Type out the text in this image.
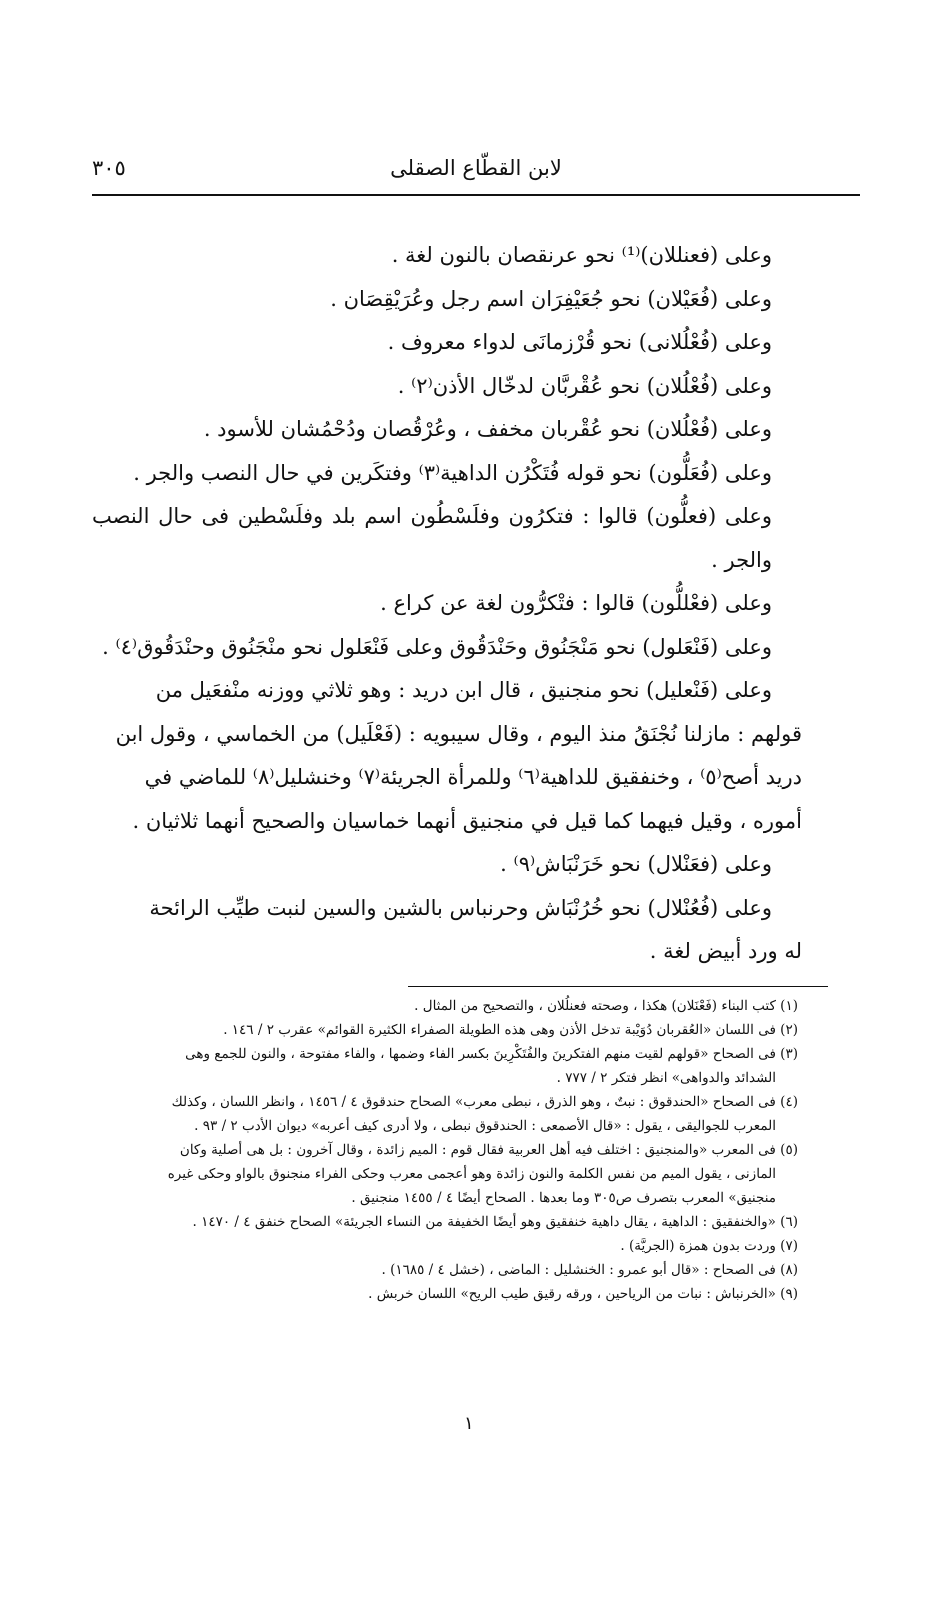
لابن القطّاع الصقلى
٣٠٥

وعلى (فعنللان)⁽¹⁾ نحو عرنقصان بالنون لغة .

وعلى (فُعَيْلان) نحو جُعَيْفِرَان اسم رجل وعُرَيْقِصَان .

وعلى (فُعْلُلانى) نحو قُرْزمانَى لدواء معروف .

وعلى (فُعْلُلان) نحو عُقْربَّان لدخّال الأذن⁽٢⁾ .

وعلى (فُعْلُلان) نحو عُقْربان مخفف ، وعُرْقُصان ودُحْمُشان للأسود .

وعلى (فُعَلُّون) نحو قوله فُتَكْرُن الداهية⁽٣⁾ وفتكَرين في حال النصب والجر .

وعلى (فعلُّون) قالوا : فتكرُون وفلَسْطُون اسم بلد وفلَسْطين فى حال النصب والجر .

وعلى (فعْللُّون) قالوا : فتْكرُّون لغة عن كراع .

وعلى (فَنْعَلول) نحو مَنْجَنُوق وحَنْدَقُوق وعلى فَنْعَلول نحو منْجَنُوق وحنْدَقُوق⁽٤⁾ .

وعلى (فَنْعليل) نحو منجنيق ، قال ابن دريد : وهو ثلاثي ووزنه منْفعَيل من

قولهم : مازلنا نُجْنَقُ منذ اليوم ، وقال سيبويه : (فَعْلَيل) من الخماسي ، وقول ابن

دريد أصح⁽٥⁾ ، وخنفقيق للداهية⁽٦⁾ وللمرأة الجريئة⁽٧⁾ وخنشليل⁽٨⁾ للماضي في

أموره ، وقيل فيهما كما قيل في منجنيق أنهما خماسيان والصحيح أنهما ثلاثيان .

وعلى (فعَنْلال) نحو خَرَنْبَاش⁽٩⁾ .

وعلى (فُعُنْلال) نحو خُرُنْبَاش وحرنباس بالشين والسين لنبت طيِّب الرائحة

له ورد أبيض لغة .

(١) كتب البناء (فَعْنَلان) هكذا ، وصحته فعنلُلان ، والتصحيح من المثال .

(٢) فى اللسان «العُقربان دُوَيْبة تدخل الأذن وهى هذه الطويلة الصفراء الكثيرة القوائم» عقرب ٢ / ١٤٦ .

(٣) فى الصحاح «قولهم لقيت منهم الفتكرينَ والفُتَكْرِينَ بكسر الفاء وضمها ، والفاء مفتوحة ، والنون للجمع وهى

الشدائد والدواهى» انظر فتكر ٢ / ٧٧٧ .

(٤) فى الصحاح «الحندقوق : نبتٌ ، وهو الذرق ، نبطى معرب» الصحاح حندقوق ٤ / ١٤٥٦ ، وانظر اللسان ، وكذلك

المعرب للجواليقى ، يقول : «قال الأصمعى : الحندقوق نبطى ، ولا أدرى كيف أعربه» ديوان الأدب ٢ / ٩٣ .

(٥) فى المعرب «والمنجنيق : اختلف فيه أهل العربية فقال قوم : الميم زائدة ، وقال آخرون : بل هى أصلية وكان

المازنى ، يقول الميم من نفس الكلمة والنون زائدة وهو أعجمى معرب وحكى الفراء منجنوق بالواو وحكى غيره

منجنيق» المعرب بتصرف ص٣٠٥ وما بعدها . الصحاح أيضًا ٤ / ١٤٥٥ منجنيق .

(٦) «والخنفقيق : الداهية ، يقال داهية خنفقيق وهو أيضًا الخفيفة من النساء الجريئة» الصحاح خنفق ٤ / ١٤٧٠ .

(٧) وردت بدون همزة (الجريَّة) .

(٨) فى الصحاح : «قال أبو عمرو : الخنشليل : الماضى ، (خشل ٤ / ١٦٨٥) .

(٩) «الخرنباش : نبات من الرياحين ، ورقه رقيق طيب الريح» اللسان خربش .

١
